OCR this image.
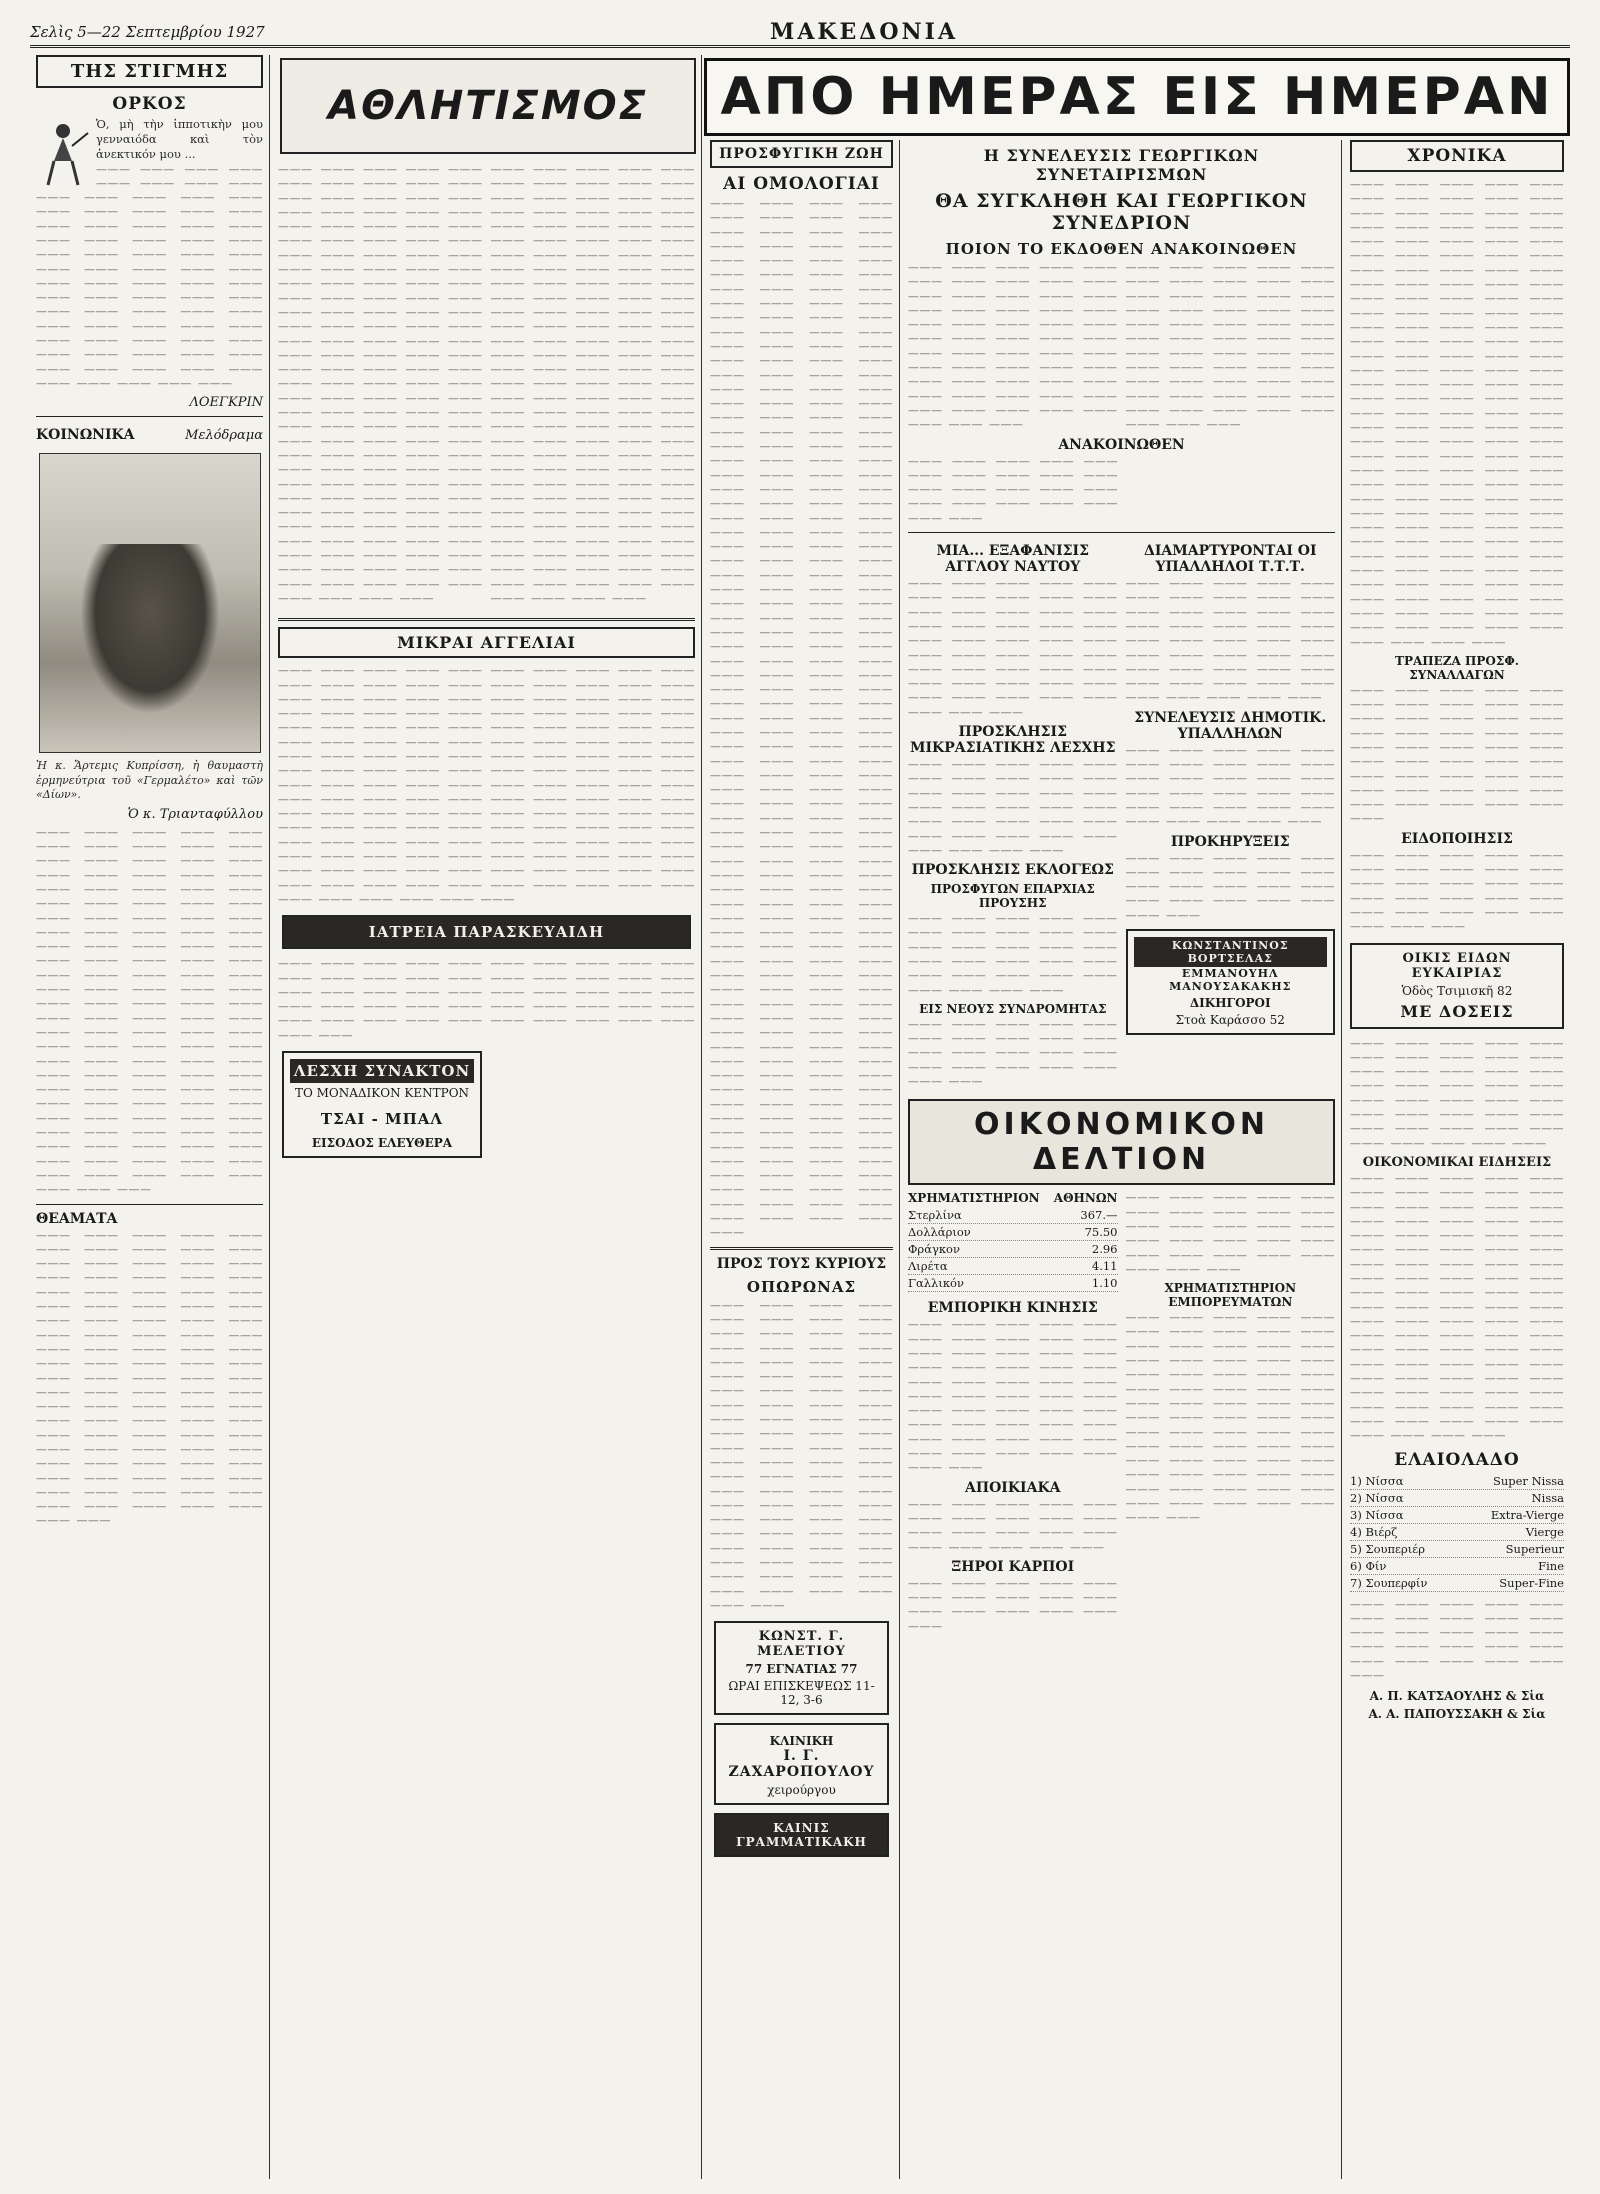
Σελὶς 5—22 Σεπτεμβρίου 1927	ΜΑΚΕΔΟΝΙΑ
ΤΗΣ ΣΤΙΓΜΗΣ
ΟΡΚΟΣ
Ὁ, μὴ τὴν ἱπποτικὴν μου γενναιόδα καὶ τὸν ἀνεκτικόν μου ...
——— ——— ——— ——— ——— ——— ——— ——— ——— ——— ——— ——— ——— ——— ——— ——— ——— ——— ——— ——— ——— ——— ——— ——— ——— ——— ——— ——— ——— ——— ——— ——— ——— ——— ——— ——— ——— ——— ——— ——— ——— ——— ——— ——— ——— ——— ——— ——— ——— ——— ——— ——— ——— ——— ——— ——— ——— ——— ——— ——— ——— ——— ——— ——— ——— ——— ——— ——— ——— ——— ——— ——— ——— ——— ——— ——— ——— ———
ΛΟΕΓΚΡΙΝ
ΚΟΙΝΩΝΙΚΑ	Μελόδραμα
Ἡ κ. Ἄρτεμις Κυπρίσση, ἡ θαυμαστὴ ἐρμηνεύτρια τοῦ «Γερμαλέτο» καὶ τῶν «Δίων».
Ὁ κ. Τριανταφύλλου
——— ——— ——— ——— ——— ——— ——— ——— ——— ——— ——— ——— ——— ——— ——— ——— ——— ——— ——— ——— ——— ——— ——— ——— ——— ——— ——— ——— ——— ——— ——— ——— ——— ——— ——— ——— ——— ——— ——— ——— ——— ——— ——— ——— ——— ——— ——— ——— ——— ——— ——— ——— ——— ——— ——— ——— ——— ——— ——— ——— ——— ——— ——— ——— ——— ——— ——— ——— ——— ——— ——— ——— ——— ——— ——— ——— ——— ——— ——— ——— ——— ——— ——— ——— ——— ——— ——— ——— ——— ——— ——— ——— ——— ——— ——— ——— ——— ——— ——— ——— ——— ——— ——— ——— ——— ——— ——— ——— ——— ——— ——— ——— ——— ——— ——— ——— ——— ——— ——— ——— ——— ——— ——— ——— ——— ——— ——— ———
ΘΕΑΜΑΤΑ
——— ——— ——— ——— ——— ——— ——— ——— ——— ——— ——— ——— ——— ——— ——— ——— ——— ——— ——— ——— ——— ——— ——— ——— ——— ——— ——— ——— ——— ——— ——— ——— ——— ——— ——— ——— ——— ——— ——— ——— ——— ——— ——— ——— ——— ——— ——— ——— ——— ——— ——— ——— ——— ——— ——— ——— ——— ——— ——— ——— ——— ——— ——— ——— ——— ——— ——— ——— ——— ——— ——— ——— ——— ——— ——— ——— ——— ——— ——— ——— ——— ——— ——— ——— ——— ——— ——— ——— ——— ——— ——— ——— ——— ——— ——— ——— ——— ——— ——— ——— ——— ———
——— ——— ——— ——— ——— ——— ——— ——— ——— ——— ——— ——— ——— ——— ——— ——— ——— ——— ——— ——— ——— ——— ——— ——— ——— ——— ——— ——— ——— ——— ——— ——— ——— ——— ——— ——— ——— ——— ——— ——— ——— ——— ——— ——— ——— ——— ——— ——— ——— ——— ——— ——— ——— ——— ——— ——— ——— ——— ——— ——— ——— ——— ——— ——— ——— ——— ——— ——— ——— ——— ——— ——— ——— ——— ——— ——— ——— ——— ——— ——— ——— ——— ——— ——— ——— ——— ——— ——— ——— ——— ——— ——— ——— ——— ——— ——— ——— ——— ——— ——— ——— ——— ——— ——— ——— ——— ——— ——— ——— ——— ——— ——— ——— ——— ——— ——— ——— ——— ——— ——— ——— ——— ——— ——— ——— ——— ——— ——— ——— ——— ——— ——— ——— ——— ——— ——— ——— ——— ——— ——— ——— ——— ——— ——— ——— ——— ——— ——— ——— ——— ——— ——— ——— ———
——— ——— ——— ——— ——— ——— ——— ——— ——— ——— ——— ——— ——— ——— ——— ——— ——— ——— ——— ——— ——— ——— ——— ——— ——— ——— ——— ——— ——— ——— ——— ——— ——— ——— ——— ——— ——— ——— ——— ——— ——— ——— ——— ——— ——— ——— ——— ——— ——— ——— ——— ——— ——— ——— ——— ——— ——— ——— ——— ——— ——— ——— ——— ——— ——— ——— ——— ——— ——— ——— ——— ——— ——— ——— ——— ——— ——— ——— ——— ——— ——— ——— ——— ——— ——— ——— ——— ——— ——— ——— ——— ——— ——— ——— ——— ——— ——— ——— ——— ——— ——— ——— ——— ——— ——— ——— ——— ——— ——— ——— ——— ——— ——— ——— ——— ——— ——— ——— ——— ——— ——— ——— ——— ——— ——— ——— ——— ——— ——— ——— ——— ——— ——— ——— ——— ——— ——— ——— ——— ——— ——— ——— ——— ——— ——— ——— ——— ——— ——— ——— ——— ——— ——— ———
ΜΙΚΡΑΙ ΑΓΓΕΛΙΑΙ
——— ——— ——— ——— ——— ——— ——— ——— ——— ——— ——— ——— ——— ——— ——— ——— ——— ——— ——— ——— ——— ——— ——— ——— ——— ——— ——— ——— ——— ——— ——— ——— ——— ——— ——— ——— ——— ——— ——— ——— ——— ——— ——— ——— ——— ——— ——— ——— ——— ——— ——— ——— ——— ——— ——— ——— ——— ——— ——— ——— ——— ——— ——— ——— ——— ——— ——— ——— ——— ——— ——— ——— ——— ——— ——— ——— ——— ——— ——— ——— ——— ——— ——— ——— ——— ——— ——— ——— ——— ——— ——— ——— ——— ——— ——— ——— ——— ——— ——— ——— ——— ——— ——— ——— ——— ——— ——— ——— ——— ——— ——— ——— ——— ——— ——— ——— ——— ——— ——— ——— ——— ——— ——— ——— ——— ——— ——— ——— ——— ——— ——— ——— ——— ——— ——— ——— ——— ——— ——— ——— ——— ——— ——— ——— ——— ——— ——— ——— ——— ——— ——— ——— ——— ——— ——— ——— ——— ——— ——— ——— ——— ——— ——— ——— ——— ———
ΙΑΤΡΕΙΑ ΠΑΡΑΣΚΕΥΑΙΔΗ
——— ——— ——— ——— ——— ——— ——— ——— ——— ——— ——— ——— ——— ——— ——— ——— ——— ——— ——— ——— ——— ——— ——— ——— ——— ——— ——— ——— ——— ——— ——— ——— ——— ——— ——— ——— ——— ——— ——— ——— ——— ——— ——— ——— ——— ——— ——— ——— ——— ——— ——— ———
ΛΕΣΧΗ ΣΥΝΑΚΤΟΝ
ΤΟ ΜΟΝΑΔΙΚΟΝ ΚΕΝΤΡΟΝ
ΤΣΑΙ - ΜΠΑΛ
ΕΙΣΟΔΟΣ ΕΛΕΥΘΕΡΑ
ΑΘΛΗΤΙΣΜΟΣ ΑΠΟ ΗΜΕΡΑΣ ΕΙΣ ΗΜΕΡΑΝ
ΠΡΟΣΦΥΓΙΚΗ ΖΩΗ
ΑΙ ΟΜΟΛΟΓΙΑΙ
——— ——— ——— ——— ——— ——— ——— ——— ——— ——— ——— ——— ——— ——— ——— ——— ——— ——— ——— ——— ——— ——— ——— ——— ——— ——— ——— ——— ——— ——— ——— ——— ——— ——— ——— ——— ——— ——— ——— ——— ——— ——— ——— ——— ——— ——— ——— ——— ——— ——— ——— ——— ——— ——— ——— ——— ——— ——— ——— ——— ——— ——— ——— ——— ——— ——— ——— ——— ——— ——— ——— ——— ——— ——— ——— ——— ——— ——— ——— ——— ——— ——— ——— ——— ——— ——— ——— ——— ——— ——— ——— ——— ——— ——— ——— ——— ——— ——— ——— ——— ——— ——— ——— ——— ——— ——— ——— ——— ——— ——— ——— ——— ——— ——— ——— ——— ——— ——— ——— ——— ——— ——— ——— ——— ——— ——— ——— ——— ——— ——— ——— ——— ——— ——— ——— ——— ——— ——— ——— ——— ——— ——— ——— ——— ——— ——— ——— ——— ——— ——— ——— ——— ——— ——— ——— ——— ——— ——— ——— ——— ——— ——— ——— ——— ——— ——— ——— ——— ——— ——— ——— ——— ——— ——— ——— ——— ——— ——— ——— ——— ——— ——— ——— ——— ——— ——— ——— ——— ——— ——— ——— ——— ——— ——— ——— ——— ——— ——— ——— ——— ——— ——— ——— ——— ——— ——— ——— ——— ——— ——— ——— ——— ——— ——— ——— ——— ——— ——— ——— ——— ——— ——— ——— ——— ——— ——— ——— ——— ——— ——— ——— ——— ——— ——— ——— ——— ——— ——— ——— ——— ——— ——— ——— ——— ——— ——— ——— ——— ——— ——— ——— ——— ——— ——— ——— ——— ——— ——— ——— ——— ——— ——— ——— ——— ——— ——— ——— ——— ——— ——— ——— ——— ——— ——— ——— ——— ——— ——— ——— ——— ——— ——— ——— ——— ——— ——— ——— ——— ———
ΠΡΟΣ ΤΟΥΣ ΚΥΡΙΟΥΣ
ΟΠΩΡΩΝΑΣ
——— ——— ——— ——— ——— ——— ——— ——— ——— ——— ——— ——— ——— ——— ——— ——— ——— ——— ——— ——— ——— ——— ——— ——— ——— ——— ——— ——— ——— ——— ——— ——— ——— ——— ——— ——— ——— ——— ——— ——— ——— ——— ——— ——— ——— ——— ——— ——— ——— ——— ——— ——— ——— ——— ——— ——— ——— ——— ——— ——— ——— ——— ——— ——— ——— ——— ——— ——— ——— ——— ——— ——— ——— ——— ——— ——— ——— ——— ——— ——— ——— ——— ——— ——— ——— ———
ΚΩΝΣΤ. Γ. ΜΕΛΕΤΙΟΥ
77 ΕΓΝΑΤΙΑΣ 77
ΩΡΑΙ ΕΠΙΣΚΕΨΕΩΣ 11-12, 3-6
ΚΛΙΝΙΚΗ
Ι. Γ. ΖΑΧΑΡΟΠΟΥΛΟΥ
χειρούργου
ΚΑΙΝΙΣ ΓΡΑΜΜΑΤΙΚΑΚΗ
Η ΣΥΝΕΛΕΥΣΙΣ ΓΕΩΡΓΙΚΩΝ ΣΥΝΕΤΑΙΡΙΣΜΩΝ
ΘΑ ΣΥΓΚΛΗΘΗ ΚΑΙ ΓΕΩΡΓΙΚΟΝ ΣΥΝΕΔΡΙΟΝ
ΠΟΙΟΝ ΤΟ ΕΚΔΟΘΕΝ ΑΝΑΚΟΙΝΩΘΕΝ
——— ——— ——— ——— ——— ——— ——— ——— ——— ——— ——— ——— ——— ——— ——— ——— ——— ——— ——— ——— ——— ——— ——— ——— ——— ——— ——— ——— ——— ——— ——— ——— ——— ——— ——— ——— ——— ——— ——— ——— ——— ——— ——— ——— ——— ——— ——— ——— ——— ——— ——— ——— ——— ——— ——— ——— ——— ———
——— ——— ——— ——— ——— ——— ——— ——— ——— ——— ——— ——— ——— ——— ——— ——— ——— ——— ——— ——— ——— ——— ——— ——— ——— ——— ——— ——— ——— ——— ——— ——— ——— ——— ——— ——— ——— ——— ——— ——— ——— ——— ——— ——— ——— ——— ——— ——— ——— ——— ——— ——— ——— ——— ——— ——— ——— ———
ΑΝΑΚΟΙΝΩΘΕΝ
——— ——— ——— ——— ——— ——— ——— ——— ——— ——— ——— ——— ——— ——— ——— ——— ——— ——— ——— ——— ——— ———
ΜΙΑ... ΕΞΑΦΑΝΙΣΙΣ ΑΓΓΛΟΥ ΝΑΥΤΟΥ
——— ——— ——— ——— ——— ——— ——— ——— ——— ——— ——— ——— ——— ——— ——— ——— ——— ——— ——— ——— ——— ——— ——— ——— ——— ——— ——— ——— ——— ——— ——— ——— ——— ——— ——— ——— ——— ——— ——— ——— ——— ——— ——— ——— ——— ——— ——— ———
ΠΡΟΣΚΛΗΣΙΣ ΜΙΚΡΑΣΙΑΤΙΚΗΣ ΛΕΣΧΗΣ
——— ——— ——— ——— ——— ——— ——— ——— ——— ——— ——— ——— ——— ——— ——— ——— ——— ——— ——— ——— ——— ——— ——— ——— ——— ——— ——— ——— ——— ——— ——— ——— ——— ———
ΠΡΟΣΚΛΗΣΙΣ ΕΚΛΟΓΕΩΣ
ΠΡΟΣΦΥΓΩΝ ΕΠΑΡΧΙΑΣ ΠΡΟΥΣΗΣ
——— ——— ——— ——— ——— ——— ——— ——— ——— ——— ——— ——— ——— ——— ——— ——— ——— ——— ——— ——— ——— ——— ——— ——— ——— ——— ——— ——— ———
ΕΙΣ ΝΕΟΥΣ ΣΥΝΔΡΟΜΗΤΑΣ
——— ——— ——— ——— ——— ——— ——— ——— ——— ——— ——— ——— ——— ——— ——— ——— ——— ——— ——— ——— ——— ———
ΔΙΑΜΑΡΤΥΡΟΝΤΑΙ ΟΙ ΥΠΑΛΛΗΛΟΙ Τ.Τ.Τ.
——— ——— ——— ——— ——— ——— ——— ——— ——— ——— ——— ——— ——— ——— ——— ——— ——— ——— ——— ——— ——— ——— ——— ——— ——— ——— ——— ——— ——— ——— ——— ——— ——— ——— ——— ——— ——— ——— ——— ——— ——— ——— ——— ——— ———
ΣΥΝΕΛΕΥΣΙΣ ΔΗΜΟΤΙΚ. ΥΠΑΛΛΗΛΩΝ
——— ——— ——— ——— ——— ——— ——— ——— ——— ——— ——— ——— ——— ——— ——— ——— ——— ——— ——— ——— ——— ——— ——— ——— ——— ——— ——— ——— ——— ———
ΠΡΟΚΗΡΥΞΕΙΣ
——— ——— ——— ——— ——— ——— ——— ——— ——— ——— ——— ——— ——— ——— ——— ——— ——— ——— ——— ——— ——— ———
ΚΩΝΣΤΑΝΤΙΝΟΣ ΒΟΡΤΣΕΛΑΣ
ΕΜΜΑΝΟΥΗΛ ΜΑΝΟΥΣΑΚΑΚΗΣ
ΔΙΚΗΓΟΡΟΙ
Στοὰ Καράσσο 52
ΟΙΚΟΝΟΜΙΚΟΝ ΔΕΛΤΙΟΝ
ΧΡΗΜΑΤΙΣΤΗΡΙΟΝ ΑΘΗΝΩΝ
Στερλίνα	367.—
Δολλάριον	75.50
Φράγκον	2.96
Λιρέτα	4.11
Γαλλικόν	1.10
ΕΜΠΟΡΙΚΗ ΚΙΝΗΣΙΣ
——— ——— ——— ——— ——— ——— ——— ——— ——— ——— ——— ——— ——— ——— ——— ——— ——— ——— ——— ——— ——— ——— ——— ——— ——— ——— ——— ——— ——— ——— ——— ——— ——— ——— ——— ——— ——— ——— ——— ——— ——— ——— ——— ——— ——— ——— ——— ——— ——— ——— ——— ———
ΑΠΟΙΚΙΑΚΑ
——— ——— ——— ——— ——— ——— ——— ——— ——— ——— ——— ——— ——— ——— ——— ——— ——— ——— ——— ———
ΞΗΡΟΙ ΚΑΡΠΟΙ
——— ——— ——— ——— ——— ——— ——— ——— ——— ——— ——— ——— ——— ——— ——— ———
——— ——— ——— ——— ——— ——— ——— ——— ——— ——— ——— ——— ——— ——— ——— ——— ——— ——— ——— ——— ——— ——— ——— ——— ——— ——— ——— ———
ΧΡΗΜΑΤΙΣΤΗΡΙΟΝ ΕΜΠΟΡΕΥΜΑΤΩΝ
——— ——— ——— ——— ——— ——— ——— ——— ——— ——— ——— ——— ——— ——— ——— ——— ——— ——— ——— ——— ——— ——— ——— ——— ——— ——— ——— ——— ——— ——— ——— ——— ——— ——— ——— ——— ——— ——— ——— ——— ——— ——— ——— ——— ——— ——— ——— ——— ——— ——— ——— ——— ——— ——— ——— ——— ——— ——— ——— ——— ——— ——— ——— ——— ——— ——— ——— ——— ——— ——— ——— ———
ΧΡΟΝΙΚΑ
——— ——— ——— ——— ——— ——— ——— ——— ——— ——— ——— ——— ——— ——— ——— ——— ——— ——— ——— ——— ——— ——— ——— ——— ——— ——— ——— ——— ——— ——— ——— ——— ——— ——— ——— ——— ——— ——— ——— ——— ——— ——— ——— ——— ——— ——— ——— ——— ——— ——— ——— ——— ——— ——— ——— ——— ——— ——— ——— ——— ——— ——— ——— ——— ——— ——— ——— ——— ——— ——— ——— ——— ——— ——— ——— ——— ——— ——— ——— ——— ——— ——— ——— ——— ——— ——— ——— ——— ——— ——— ——— ——— ——— ——— ——— ——— ——— ——— ——— ——— ——— ——— ——— ——— ——— ——— ——— ——— ——— ——— ——— ——— ——— ——— ——— ——— ——— ——— ——— ——— ——— ——— ——— ——— ——— ——— ——— ——— ——— ——— ——— ——— ——— ——— ——— ——— ——— ——— ——— ——— ——— ——— ——— ——— ——— ——— ——— ——— ——— ——— ——— ——— ——— ——— ——— ——— ——— ——— ——— ——— ——— ——— ——— ———
ΤΡΑΠΕΖΑ ΠΡΟΣΦ. ΣΥΝΑΛΛΑΓΩΝ
——— ——— ——— ——— ——— ——— ——— ——— ——— ——— ——— ——— ——— ——— ——— ——— ——— ——— ——— ——— ——— ——— ——— ——— ——— ——— ——— ——— ——— ——— ——— ——— ——— ——— ——— ——— ——— ——— ——— ——— ——— ——— ——— ——— ——— ———
ΕΙΔΟΠΟΙΗΣΙΣ
——— ——— ——— ——— ——— ——— ——— ——— ——— ——— ——— ——— ——— ——— ——— ——— ——— ——— ——— ——— ——— ——— ——— ——— ——— ——— ——— ———
ΟΙΚΙΣ ΕΙΔΩΝ ΕΥΚΑΙΡΙΑΣ
Ὁδὸς Τσιμισκῆ 82
ΜΕ ΔΟΣΕΙΣ
——— ——— ——— ——— ——— ——— ——— ——— ——— ——— ——— ——— ——— ——— ——— ——— ——— ——— ——— ——— ——— ——— ——— ——— ——— ——— ——— ——— ——— ——— ——— ——— ——— ——— ——— ——— ——— ——— ——— ———
ΟΙΚΟΝΟΜΙΚΑΙ ΕΙΔΗΣΕΙΣ
——— ——— ——— ——— ——— ——— ——— ——— ——— ——— ——— ——— ——— ——— ——— ——— ——— ——— ——— ——— ——— ——— ——— ——— ——— ——— ——— ——— ——— ——— ——— ——— ——— ——— ——— ——— ——— ——— ——— ——— ——— ——— ——— ——— ——— ——— ——— ——— ——— ——— ——— ——— ——— ——— ——— ——— ——— ——— ——— ——— ——— ——— ——— ——— ——— ——— ——— ——— ——— ——— ——— ——— ——— ——— ——— ——— ——— ——— ——— ——— ——— ——— ——— ——— ——— ——— ——— ——— ——— ——— ——— ——— ——— ———
ΕΛΑΙΟΛΑΔΟ
1) Νίσσα	Super Nissa
2) Νίσσα	Nissa
3) Νίσσα	Extra-Vierge
4) Βιέρζ	Vierge
5) Σουπεριέρ	Superieur
6) Φίν	Fine
7) Σουπερφίν	Super-Fine
——— ——— ——— ——— ——— ——— ——— ——— ——— ——— ——— ——— ——— ——— ——— ——— ——— ——— ——— ——— ——— ——— ——— ——— ——— ———
Α. Π. ΚΑΤΣΑΟΥΛΗΣ & Σἱα
Α. Α. ΠΑΠΟΥΣΣΑΚΗ & Σἱα
